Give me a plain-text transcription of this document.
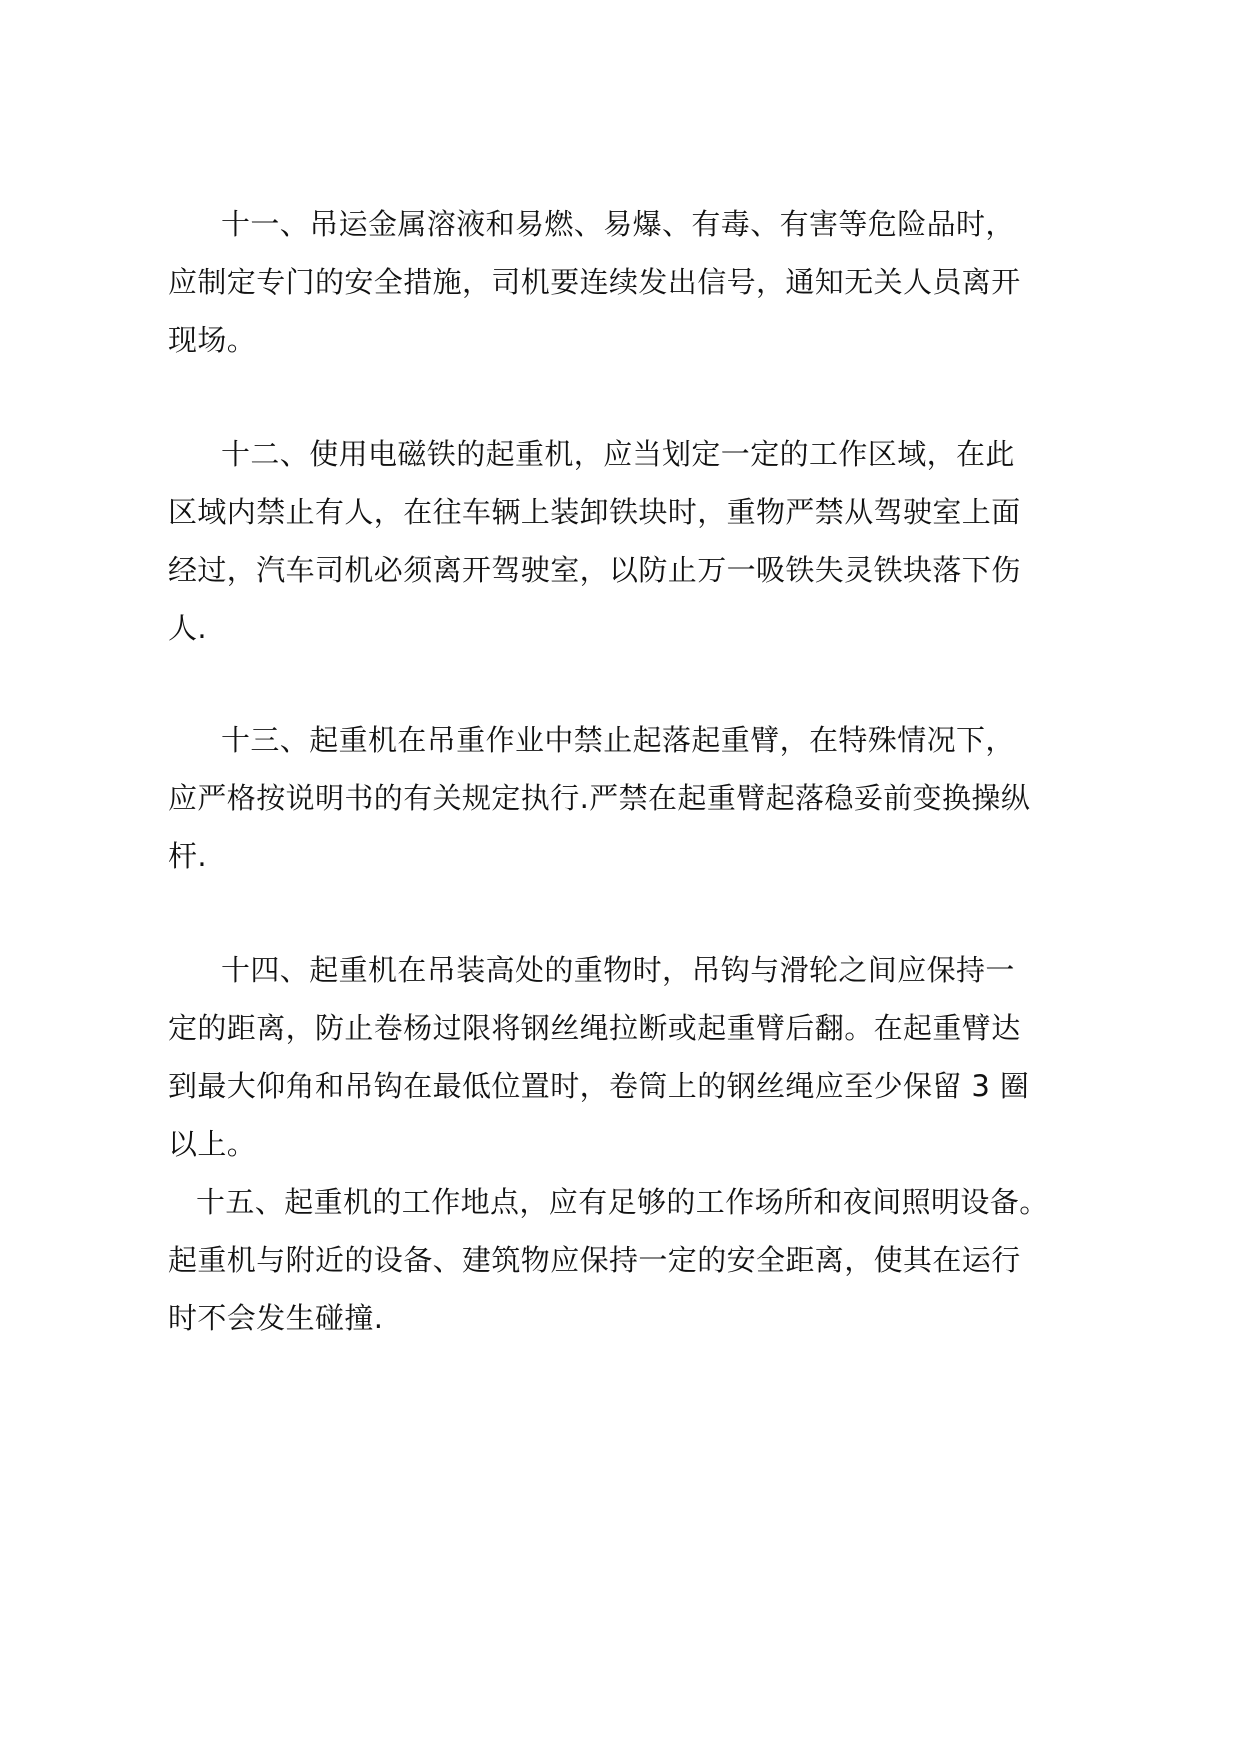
十一、吊运金属溶液和易燃、易爆、有毒、有害等危险品时，
应制定专门的安全措施，司机要连续发出信号，通知无关人员离开
现场。
十二、使用电磁铁的起重机，应当划定一定的工作区域，在此
区域内禁止有人，在往车辆上装卸铁块时，重物严禁从驾驶室上面
经过，汽车司机必须离开驾驶室，以防止万一吸铁失灵铁块落下伤
人.
十三、起重机在吊重作业中禁止起落起重臂，在特殊情况下，
应严格按说明书的有关规定执行.严禁在起重臂起落稳妥前变换操纵
杆.
十四、起重机在吊装高处的重物时，吊钩与滑轮之间应保持一
定的距离，防止卷杨过限将钢丝绳拉断或起重臂后翻。在起重臂达
到最大仰角和吊钩在最低位置时，卷筒上的钢丝绳应至少保留 3 圈
以上。
十五、起重机的工作地点，应有足够的工作场所和夜间照明设备。
起重机与附近的设备、建筑物应保持一定的安全距离，使其在运行
时不会发生碰撞.
